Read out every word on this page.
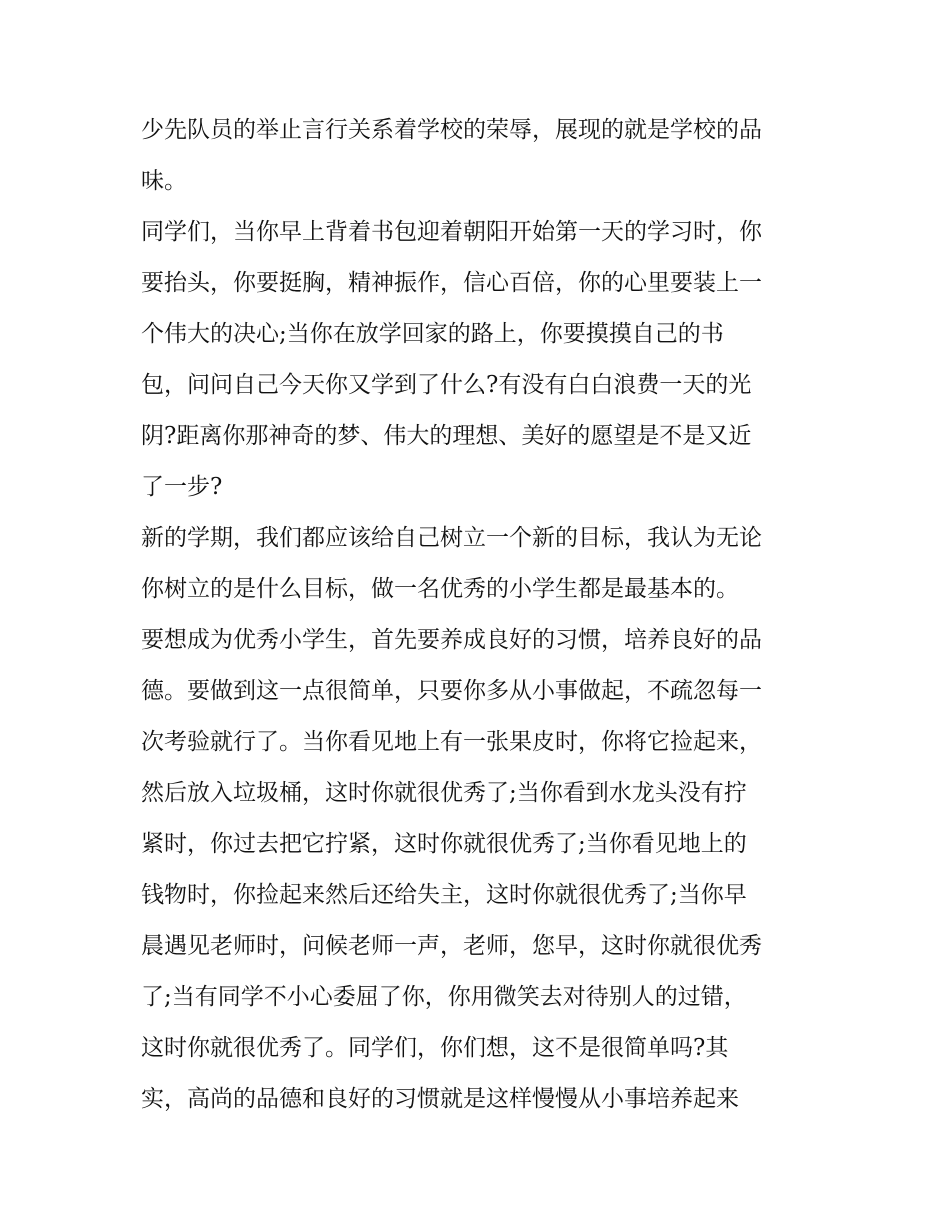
少先队员的举止言行关系着学校的荣辱，展现的就是学校的品
味。
同学们，当你早上背着书包迎着朝阳开始第一天的学习时，你
要抬头，你要挺胸，精神振作，信心百倍，你的心里要装上一
个伟大的决心;当你在放学回家的路上，你要摸摸自己的书
包，问问自己今天你又学到了什么?有没有白白浪费一天的光
阴?距离你那神奇的梦、伟大的理想、美好的愿望是不是又近
了一步?
新的学期，我们都应该给自己树立一个新的目标，我认为无论
你树立的是什么目标，做一名优秀的小学生都是最基本的。
要想成为优秀小学生，首先要养成良好的习惯，培养良好的品
德。要做到这一点很简单，只要你多从小事做起，不疏忽每一
次考验就行了。当你看见地上有一张果皮时，你将它捡起来，
然后放入垃圾桶，这时你就很优秀了;当你看到水龙头没有拧
紧时，你过去把它拧紧，这时你就很优秀了;当你看见地上的
钱物时，你捡起来然后还给失主，这时你就很优秀了;当你早
晨遇见老师时，问候老师一声，老师，您早，这时你就很优秀
了;当有同学不小心委屈了你，你用微笑去对待别人的过错，
这时你就很优秀了。同学们，你们想，这不是很简单吗?其
实，高尚的品德和良好的习惯就是这样慢慢从小事培养起来
